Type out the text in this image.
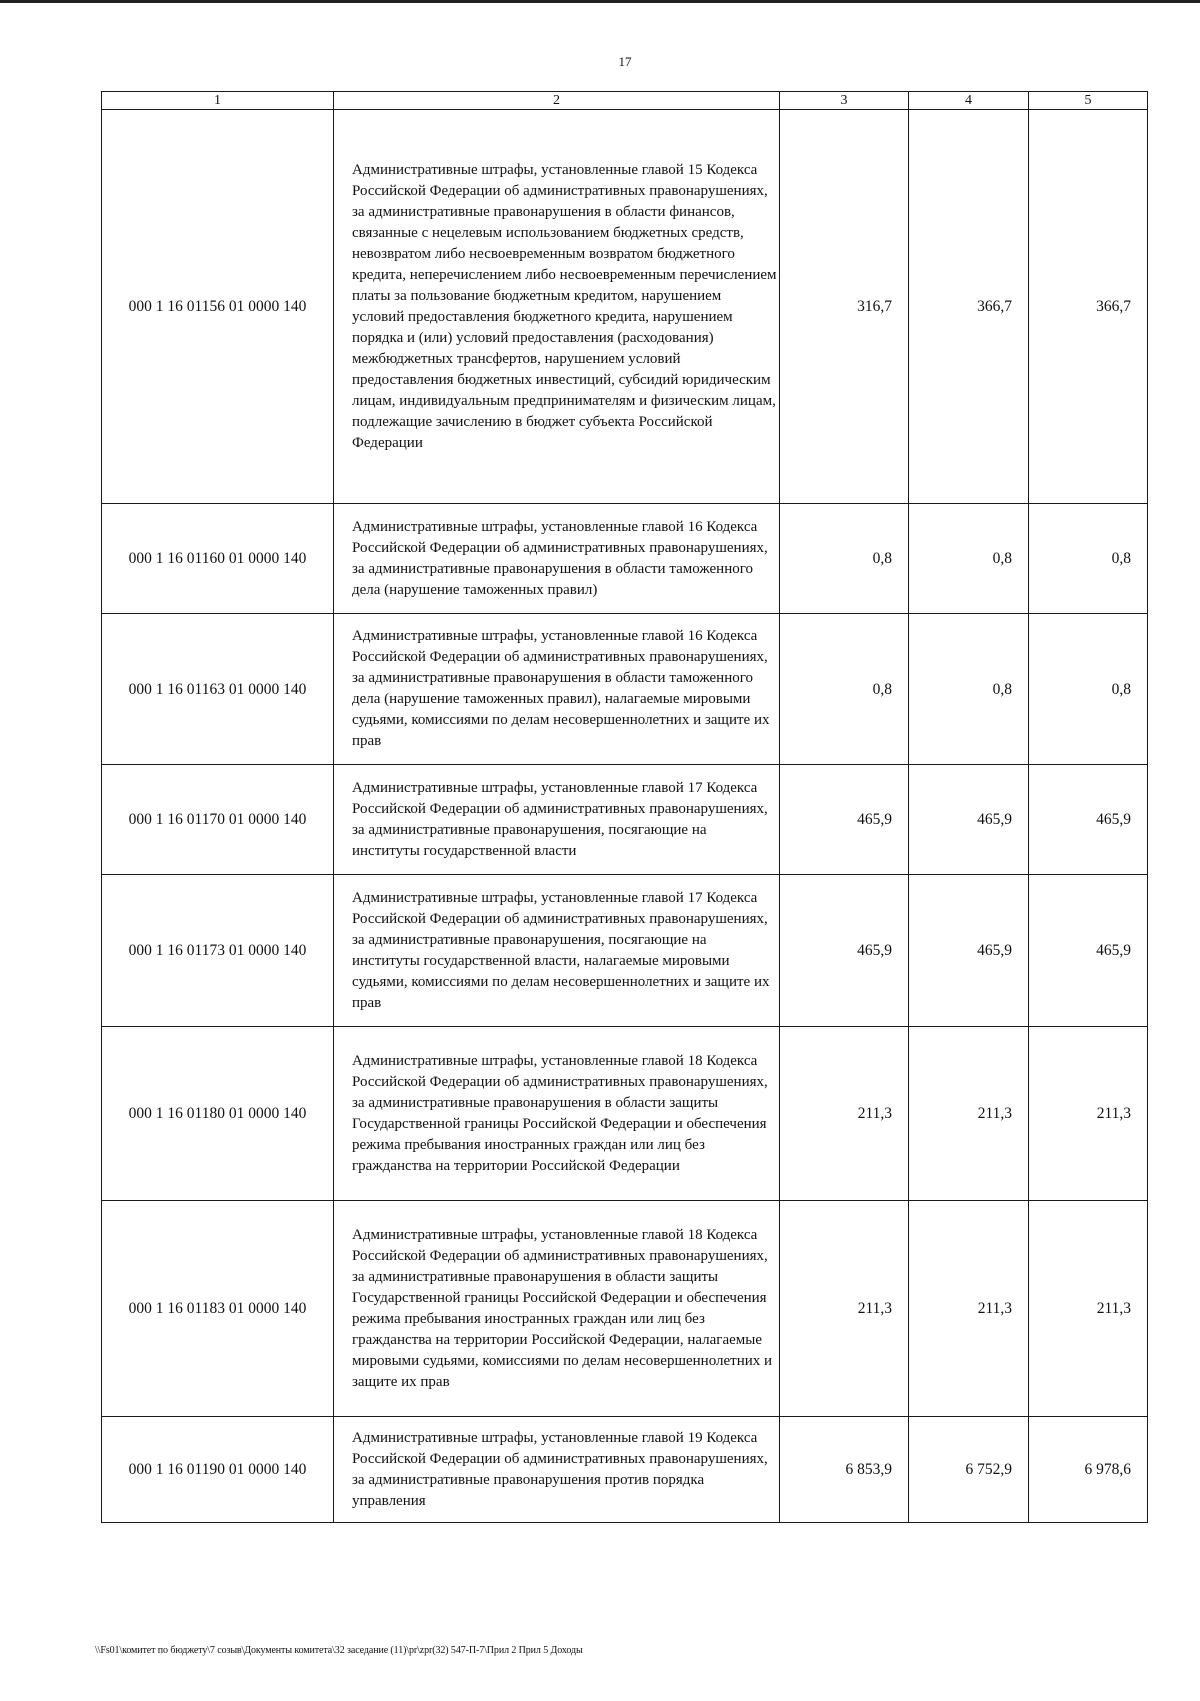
17
1	2	3	4	5
000 1 16 01156 01 0000 140	Административные штрафы, установленные главой 15 Кодекса Российской Федерации об административных правонарушениях, за административные правонарушения в области финансов, связанные с нецелевым использованием бюджетных средств, невозвратом либо несвоевременным возвратом бюджетного кредита, неперечислением либо несвоевременным перечислением платы за пользование бюджетным кредитом, нарушением условий предоставления бюджетного кредита, нарушением порядка и (или) условий предоставления (расходования) межбюджетных трансфертов, нарушением условий предоставления бюджетных инвестиций, субсидий юридическим лицам, индивидуальным предпринимателям и физическим лицам, подлежащие зачислению в бюджет субъекта Российской Федерации	316,7	366,7	366,7
000 1 16 01160 01 0000 140	Административные штрафы, установленные главой 16 Кодекса Российской Федерации об административных правонарушениях, за административные правонарушения в области таможенного дела (нарушение таможенных правил)	0,8	0,8	0,8
000 1 16 01163 01 0000 140	Административные штрафы, установленные главой 16 Кодекса Российской Федерации об административных правонарушениях, за административные правонарушения в области таможенного дела (нарушение таможенных правил), налагаемые мировыми судьями, комиссиями по делам несовершеннолетних и защите их прав	0,8	0,8	0,8
000 1 16 01170 01 0000 140	Административные штрафы, установленные главой 17 Кодекса Российской Федерации об административных правонарушениях, за административные правонарушения, посягающие на институты государственной власти	465,9	465,9	465,9
000 1 16 01173 01 0000 140	Административные штрафы, установленные главой 17 Кодекса Российской Федерации об административных правонарушениях, за административные правонарушения, посягающие на институты государственной власти, налагаемые мировыми судьями, комиссиями по делам несовершеннолетних и защите их прав	465,9	465,9	465,9
000 1 16 01180 01 0000 140	Административные штрафы, установленные главой 18 Кодекса Российской Федерации об административных правонарушениях, за административные правонарушения в области защиты Государственной границы Российской Федерации и обеспечения режима пребывания иностранных граждан или лиц без гражданства на территории Российской Федерации	211,3	211,3	211,3
000 1 16 01183 01 0000 140	Административные штрафы, установленные главой 18 Кодекса Российской Федерации об административных правонарушениях, за административные правонарушения в области защиты Государственной границы Российской Федерации и обеспечения режима пребывания иностранных граждан или лиц без гражданства на территории Российской Федерации, налагаемые мировыми судьями, комиссиями по делам несовершеннолетних и защите их прав	211,3	211,3	211,3
000 1 16 01190 01 0000 140	Административные штрафы, установленные главой 19 Кодекса Российской Федерации об административных правонарушениях, за административные правонарушения против порядка управления	6 853,9	6 752,9	6 978,6
\\Fs01\комитет по бюджету\7 созыв\Документы комитета\32 заседание (11)\pr\zpr(32) 547-П-7\Прил 2 Прил 5 Доходы
